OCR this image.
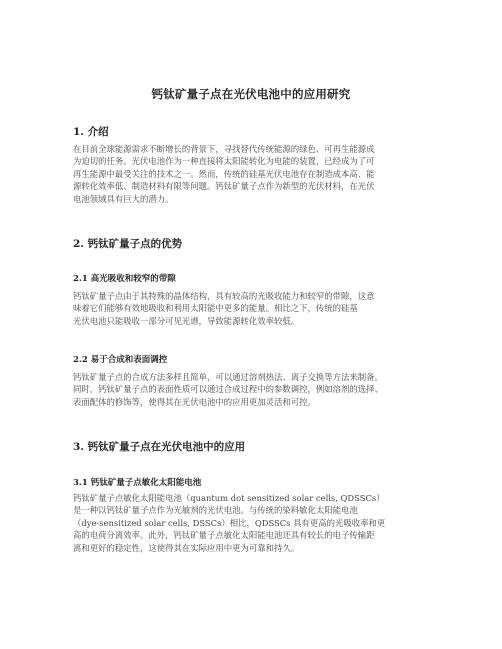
钙钛矿量子点在光伏电池中的应用研究
1. 介绍
在目前全球能源需求不断增长的背景下，寻找替代传统能源的绿色、可再生能源成
为迫切的任务。光伏电池作为一种直接将太阳能转化为电能的装置，已经成为了可
再生能源中最受关注的技术之一。然而，传统的硅基光伏电池存在制造成本高、能
源转化效率低、制造材料有限等问题。钙钛矿量子点作为新型的光伏材料，在光伏
电池领域具有巨大的潜力。
2. 钙钛矿量子点的优势
2.1 高光吸收和较窄的带隙
钙钛矿量子点由于其特殊的晶体结构，具有较高的光吸收能力和较窄的带隙，这意
味着它们能够有效地吸收和利用太阳能中更多的能量。相比之下，传统的硅基
光伏电池只能吸收一部分可见光谱，导致能源转化效率较低。
2.2 易于合成和表面调控
钙钛矿量子点的合成方法多样且简单，可以通过溶剂热法、离子交换等方法来制备。
同时，钙钛矿量子点的表面性质可以通过合成过程中的参数调控，例如溶剂的选择、
表面配体的修饰等，使得其在光伏电池中的应用更加灵活和可控。
3. 钙钛矿量子点在光伏电池中的应用
3.1 钙钛矿量子点敏化太阳能电池
钙钛矿量子点敏化太阳能电池（quantum dot sensitized solar cells, QDSSCs）
是一种以钙钛矿量子点作为光敏剂的光伏电池。与传统的染料敏化太阳能电池
（dye-sensitized solar cells, DSSCs）相比，QDSSCs 具有更高的光吸收率和更
高的电荷分离效率。此外，钙钛矿量子点敏化太阳能电池还具有较长的电子传输距
离和更好的稳定性，这使得其在实际应用中更为可靠和持久。
